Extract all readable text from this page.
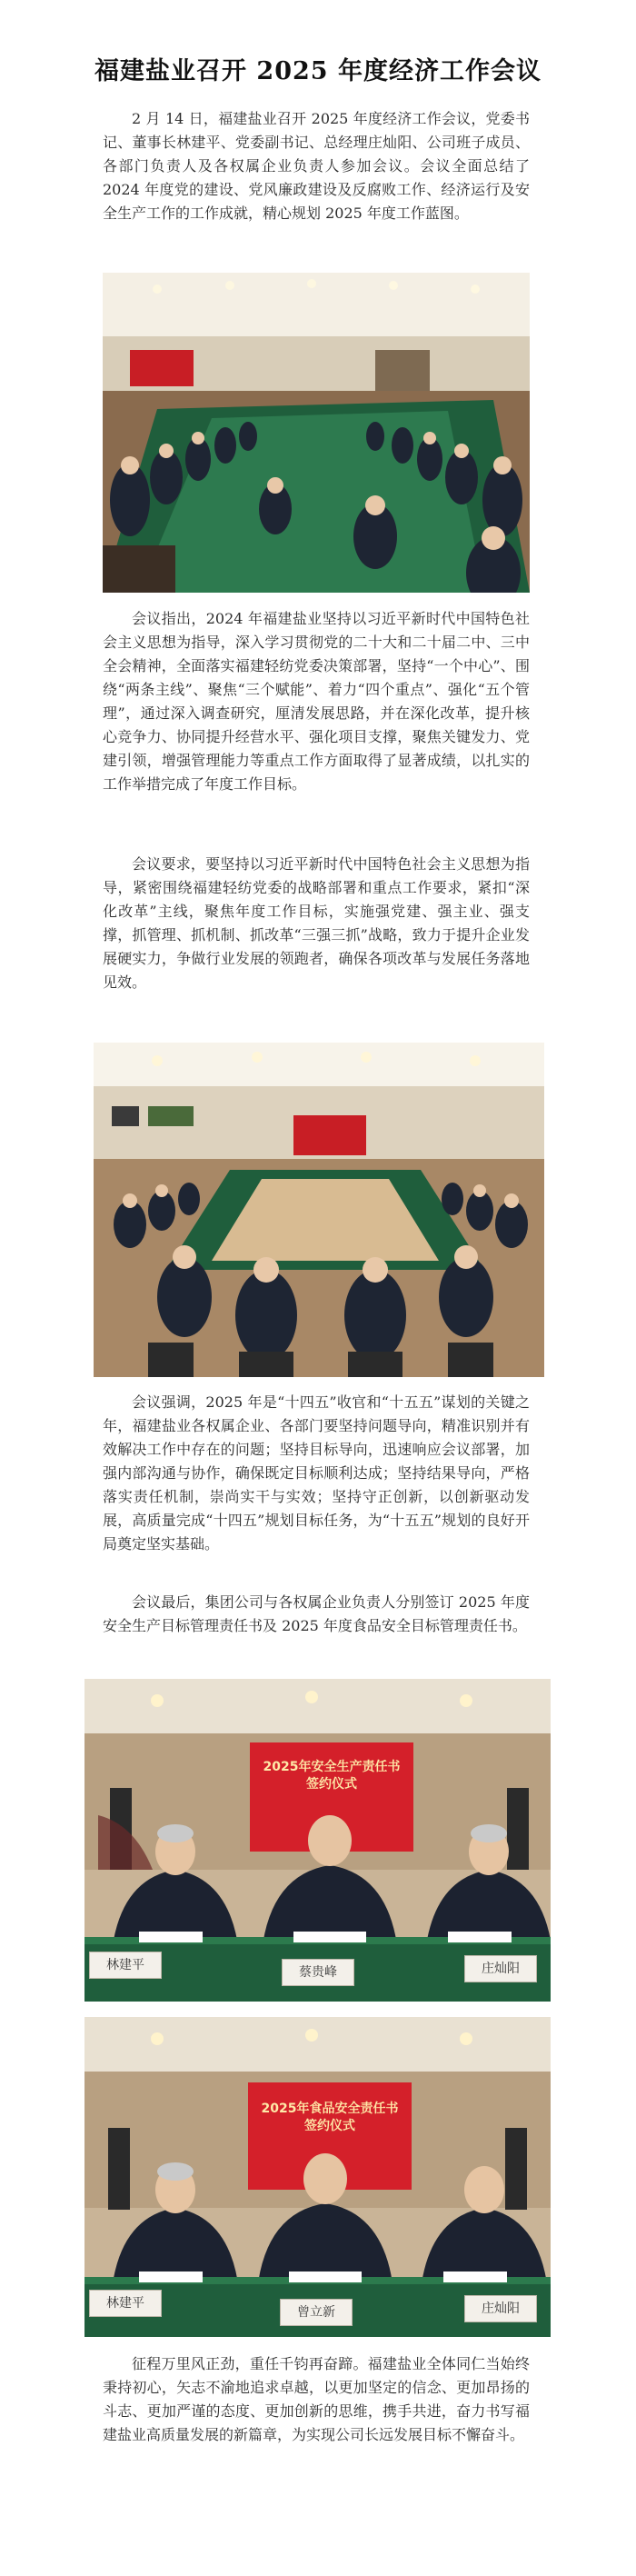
福建盐业召开 2025 年度经济工作会议

2 月 14 日，福建盐业召开 2025 年度经济工作会议，党委书记、董事长林建平、党委副书记、总经理庄灿阳、公司班子成员、各部门负责人及各权属企业负责人参加会议。会议全面总结了 2024 年度党的建设、党风廉政建设及反腐败工作、经济运行及安全生产工作的工作成就，精心规划 2025 年度工作蓝图。

会议指出，2024 年福建盐业坚持以习近平新时代中国特色社会主义思想为指导，深入学习贯彻党的二十大和二十届二中、三中全会精神，全面落实福建轻纺党委决策部署，坚持“一个中心”、围绕“两条主线”、聚焦“三个赋能”、着力“四个重点”、强化“五个管理”，通过深入调查研究，厘清发展思路，并在深化改革，提升核心竞争力、协同提升经营水平、强化项目支撑，聚焦关键发力、党建引领，增强管理能力等重点工作方面取得了显著成绩，以扎实的工作举措完成了年度工作目标。

会议要求，要坚持以习近平新时代中国特色社会主义思想为指导，紧密围绕福建轻纺党委的战略部署和重点工作要求，紧扣“深化改革”主线，聚焦年度工作目标，实施强党建、强主业、强支撑，抓管理、抓机制、抓改革“三强三抓”战略，致力于提升企业发展硬实力，争做行业发展的领跑者，确保各项改革与发展任务落地见效。

会议强调，2025 年是“十四五”收官和“十五五”谋划的关键之年，福建盐业各权属企业、各部门要坚持问题导向，精准识别并有效解决工作中存在的问题；坚持目标导向，迅速响应会议部署，加强内部沟通与协作，确保既定目标顺利达成；坚持结果导向，严格落实责任机制，崇尚实干与实效；坚持守正创新，以创新驱动发展，高质量完成“十四五”规划目标任务，为“十五五”规划的良好开局奠定坚实基础。

会议最后，集团公司与各权属企业负责人分别签订 2025 年度安全生产目标管理责任书及 2025 年度食品安全目标管理责任书。

2025年安全生产责任书
签约仪式
林建平	蔡贵峰	庄灿阳
2025年食品安全责任书
签约仪式
林建平
曾立新	庄灿阳

征程万里风正劲，重任千钧再奋蹄。福建盐业全体同仁当始终秉持初心，矢志不渝地追求卓越，以更加坚定的信念、更加昂扬的斗志、更加严谨的态度、更加创新的思维，携手共进，奋力书写福建盐业高质量发展的新篇章，为实现公司长远发展目标不懈奋斗。
